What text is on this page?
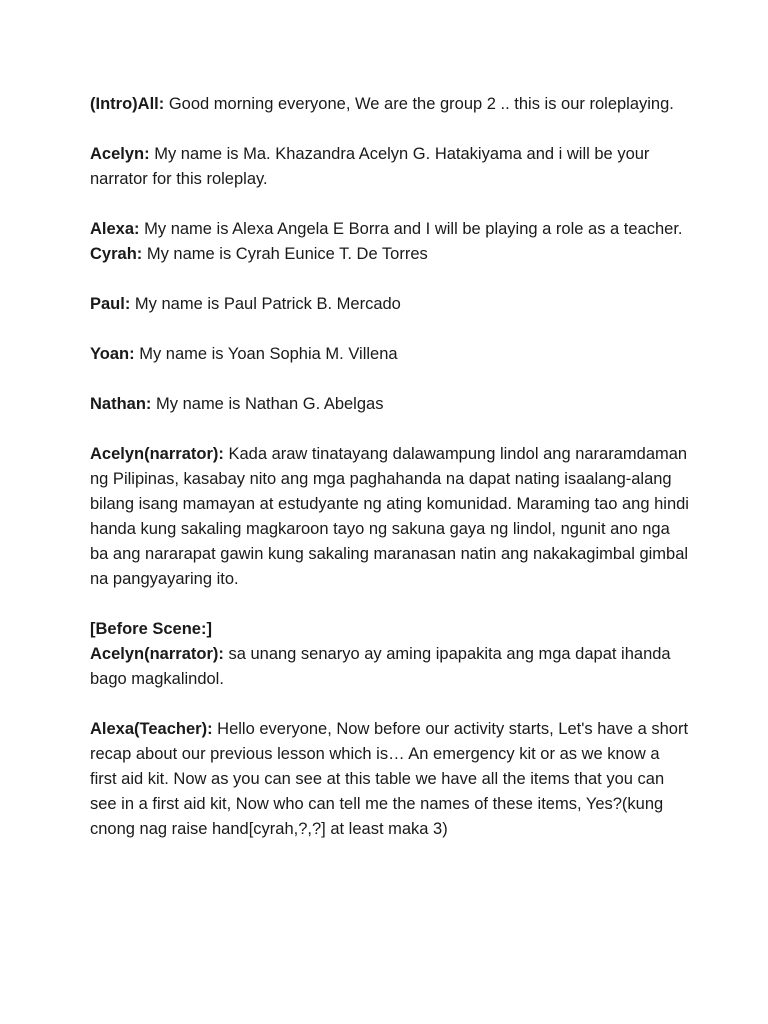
(Intro)All: Good morning everyone, We are the group 2 .. this is our roleplaying.

Acelyn: My name is Ma. Khazandra Acelyn G. Hatakiyama and i will be your narrator for this roleplay.

Alexa: My name is Alexa Angela E Borra and I will be playing a role as a teacher.

Cyrah: My name is Cyrah Eunice T. De Torres

Paul: My name is Paul Patrick B. Mercado

Yoan: My name is Yoan Sophia M. Villena

Nathan: My name is Nathan G. Abelgas

Acelyn(narrator): Kada araw tinatayang dalawampung lindol ang nararamdaman ng Pilipinas, kasabay nito ang mga paghahanda na dapat nating isaalang-alang bilang isang mamayan at estudyante ng ating komunidad. Maraming tao ang hindi handa kung sakaling magkaroon tayo ng sakuna gaya ng lindol, ngunit ano nga ba ang nararapat gawin kung sakaling maranasan natin ang nakakagimbal gimbal na pangyayaring ito.

[Before Scene:]

Acelyn(narrator): sa unang senaryo ay aming ipapakita ang mga dapat ihanda bago magkalindol.

Alexa(Teacher): Hello everyone, Now before our activity starts, Let's have a short recap about our previous lesson which is… An emergency kit or as we know a first aid kit. Now as you can see at this table we have all the items that you can see in a first aid kit, Now who can tell me the names of these items, Yes?(kung cnong nag raise hand[cyrah,?,?] at least maka 3)
